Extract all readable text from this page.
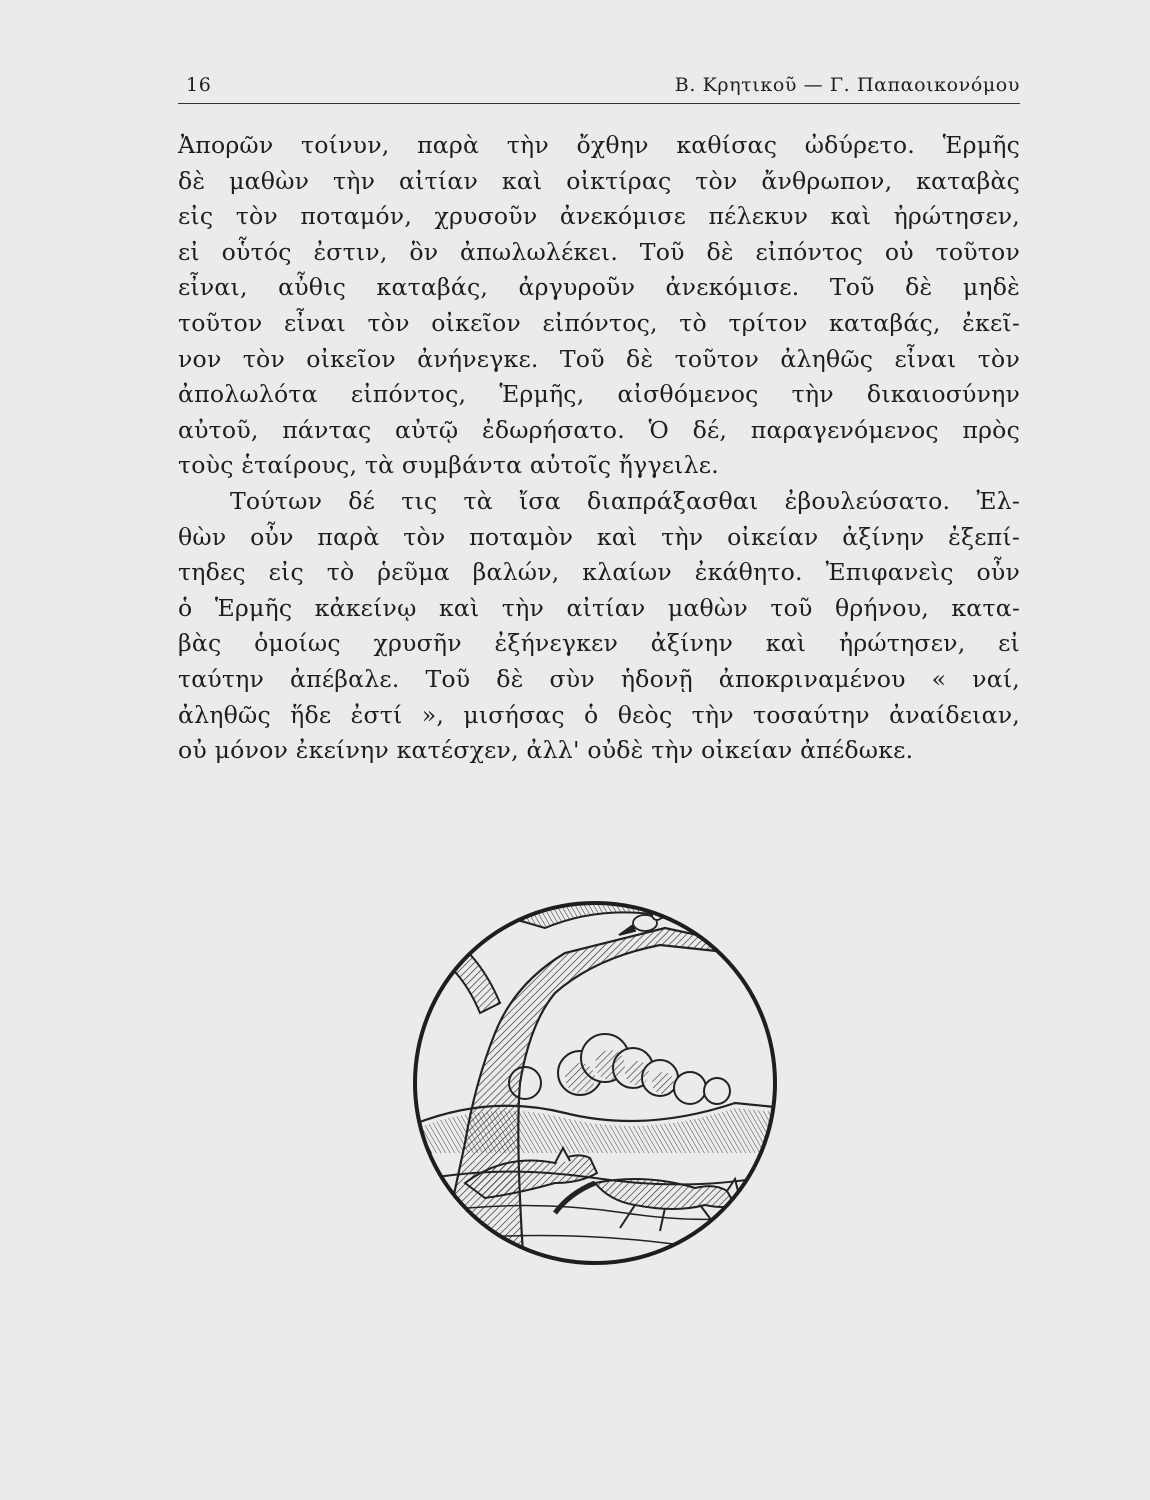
16	Β. Κρητικοῦ — Γ. Παπαοικονόμου

Ἀπορῶν τοίνυν, παρὰ τὴν ὄχθην καθίσας ὠδύρετο. Ἑρμῆς
δὲ μαθὼν τὴν αἰτίαν καὶ οἰκτίρας τὸν ἄνθρωπον, καταβὰς
εἰς τὸν ποταμόν, χρυσοῦν ἀνεκόμισε πέλεκυν καὶ ἠρώτησεν,
εἰ οὗτός ἐστιν, ὃν ἀπωλωλέκει. Τοῦ δὲ εἰπόντος οὐ τοῦτον
εἶναι, αὖθις καταβάς, ἀργυροῦν ἀνεκόμισε. Τοῦ δὲ μηδὲ
τοῦτον εἶναι τὸν οἰκεῖον εἰπόντος, τὸ τρίτον καταβάς, ἐκεῖ-
νον τὸν οἰκεῖον ἀνήνεγκε. Τοῦ δὲ τοῦτον ἀληθῶς εἶναι τὸν
ἀπολωλότα εἰπόντος, Ἑρμῆς, αἰσθόμενος τὴν δικαιοσύνην
αὐτοῦ, πάντας αὐτῷ ἐδωρήσατο. Ὁ δέ, παραγενόμενος πρὸς
τοὺς ἑταίρους, τὰ συμβάντα αὐτοῖς ἤγγειλε.

Τούτων δέ τις τὰ ἴσα διαπράξασθαι ἐβουλεύσατο. Ἐλ-
θὼν οὖν παρὰ τὸν ποταμὸν καὶ τὴν οἰκείαν ἀξίνην ἐξεπί-
τηδες εἰς τὸ ῥεῦμα βαλών, κλαίων ἐκάθητο. Ἐπιφανεὶς οὖν
ὁ Ἑρμῆς κἀκείνῳ καὶ τὴν αἰτίαν μαθὼν τοῦ θρήνου, κατα-
βὰς ὁμοίως χρυσῆν ἐξήνεγκεν ἀξίνην καὶ ἠρώτησεν, εἰ
ταύτην ἀπέβαλε. Τοῦ δὲ σὺν ἡδονῇ ἀποκριναμένου « ναί,
ἀληθῶς ἥδε ἐστί », μισήσας ὁ θεὸς τὴν τοσαύτην ἀναίδειαν,
οὐ μόνον ἐκείνην κατέσχεν, ἀλλ' οὐδὲ τὴν οἰκείαν ἀπέδωκε.
